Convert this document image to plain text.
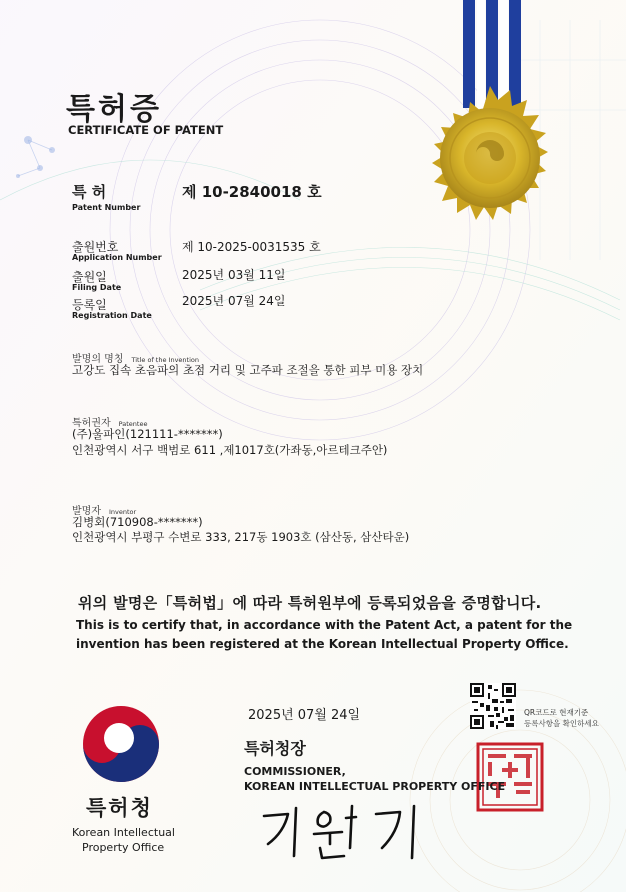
특허증
CERTIFICATE OF PATENT
특 허
Patent Number
제 10-2840018 호
출원번호
Application Number
제 10-2025-0031535 호
출원일
Filing Date
2025년 03월 11일
등록일
Registration Date
2025년 07월 24일
발명의 명칭 Title of the Invention
고강도 집속 초음파의 초점 거리 및 고주파 조절을 통한 피부 미용 장치
특허권자 Patentee
(주)울파인(121111-*******)
인천광역시 서구 백범로 611 ,제1017호(가좌동,아르테크주안)
발명자 Inventor
김병회(710908-*******)
인천광역시 부평구 수변로 333, 217동 1903호 (삼산동, 삼산타운)
위의 발명은「특허법」에 따라 특허원부에 등록되었음을 증명합니다.
This is to certify that, in accordance with the Patent Act, a patent for the
invention has been registered at the Korean Intellectual Property Office.
QR코드로 현재기준
등록사항을 확인하세요
2025년 07월 24일
특허청장
COMMISSIONER,
KOREAN INTELLECTUAL PROPERTY OFFICE
특허청
Korean Intellectual
Property Office
